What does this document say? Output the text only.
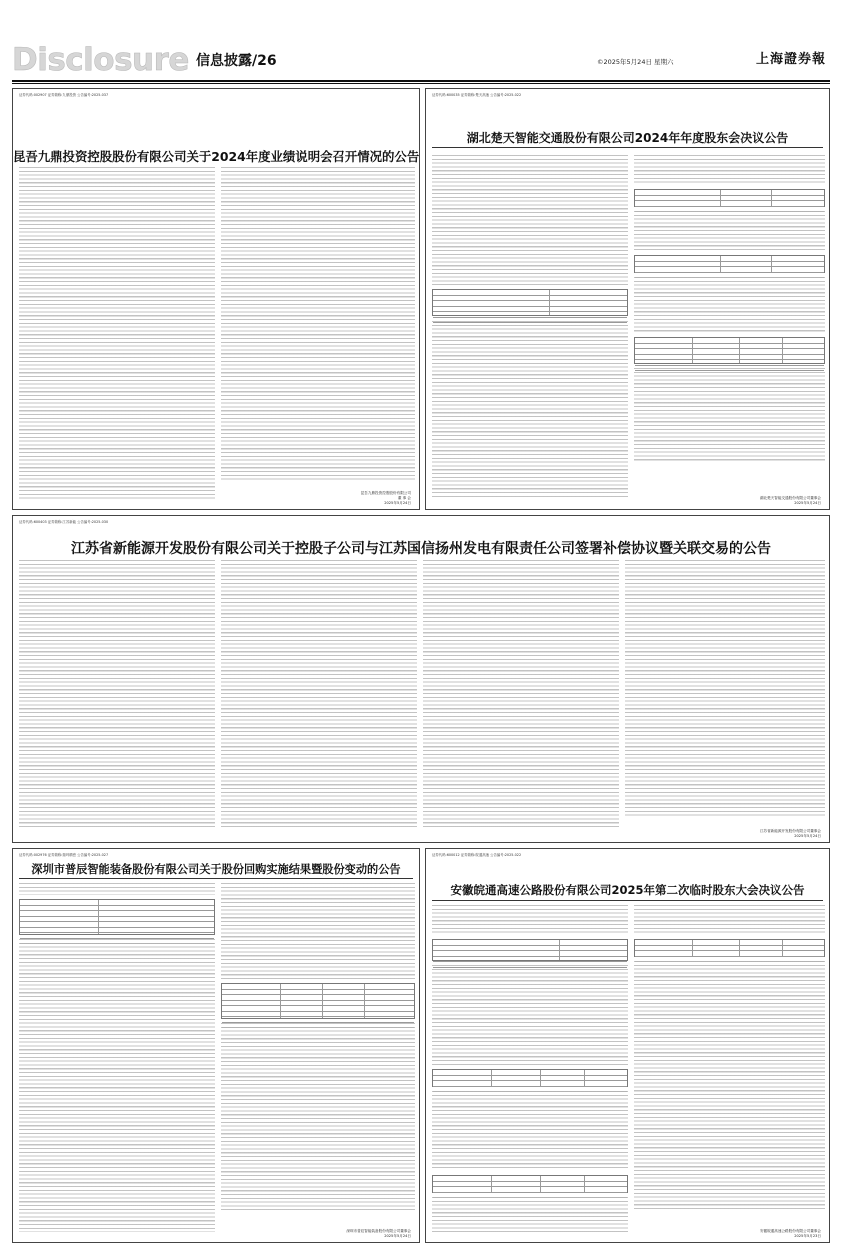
Disclosure 信息披露/26	©2025年5月24日 星期六	上海證券報
证券代码:002907 证券简称:九鼎投资 公告编号:2025-037
昆吾九鼎投资控股股份有限公司关于2024年度业绩说明会召开情况的公告
昆吾九鼎投资控股股份有限公司
董 事 会
2025年5月24日
证券代码:600035 证券简称:楚天高速 公告编号:2025-022
湖北楚天智能交通股份有限公司2024年年度股东会决议公告
湖北楚天智能交通股份有限公司董事会
2025年5月24日
证券代码:600403 证券简称:江苏新能 公告编号:2025-030
江苏省新能源开发股份有限公司关于控股子公司与江苏国信扬州发电有限责任公司签署补偿协议暨关联交易的公告
江苏省新能源开发股份有限公司董事会
2025年5月24日
证券代码:002976 证券简称:瑞玛精密 公告编号:2025-027
深圳市普辰智能装备股份有限公司关于股份回购实施结果暨股份变动的公告
深圳市普辰智能装备股份有限公司董事会
2025年5月24日
证券代码:600012 证券简称:皖通高速 公告编号:2025-022
安徽皖通高速公路股份有限公司2025年第二次临时股东大会决议公告
安徽皖通高速公路股份有限公司董事会
2025年5月23日
